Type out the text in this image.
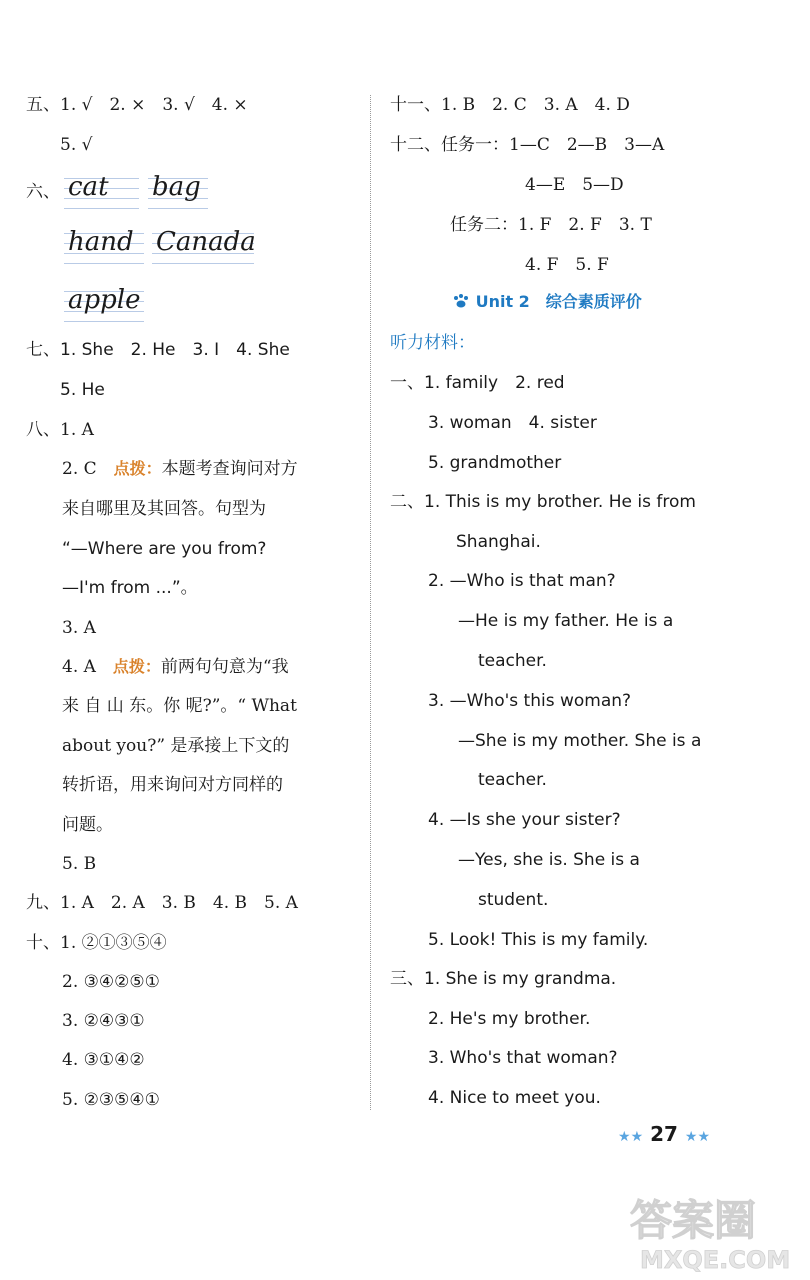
五、1. √　2. ×　3. √　4. ×
5. √
六、 cat bag
hand Canada
apple
七、1. She　2. He　3. I　4. She
5. He
八、1. A
2. C　点拨：本题考查询问对方
来自哪里及其回答。句型为
“—Where are you from?
—I'm from ...”。
3. A
4. A　点拨：前两句句意为“我
来 自 山 东。你 呢?”。“ What
about you?” 是承接上下文的
转折语，用来询问对方同样的
问题。
5. B
九、1. A　2. A　3. B　4. B　5. A
十、1. ②①③⑤④
2. ③④②⑤①
3. ②④③①
4. ③①④②
5. ②③⑤④①
十一、1. B　2. C　3. A　4. D
十二、任务一：1—C　2—B　3—A
4—E　5—D
任务二：1. F　2. F　3. T
4. F　5. F
Unit 2　综合素质评价
听力材料：
一、1. family　2. red
3. woman　4. sister
5. grandmother
二、1. This is my brother. He is from
Shanghai.
2. —Who is that man?
—He is my father. He is a
teacher.
3. —Who's this woman?
—She is my mother. She is a
teacher.
4. —Is she your sister?
—Yes, she is. She is a
student.
5. Look! This is my family.
三、1. She is my grandma.
2. He's my brother.
3. Who's that woman?
4. Nice to meet you.
★★ 27 ★★
答案圈
MXQE.COM
